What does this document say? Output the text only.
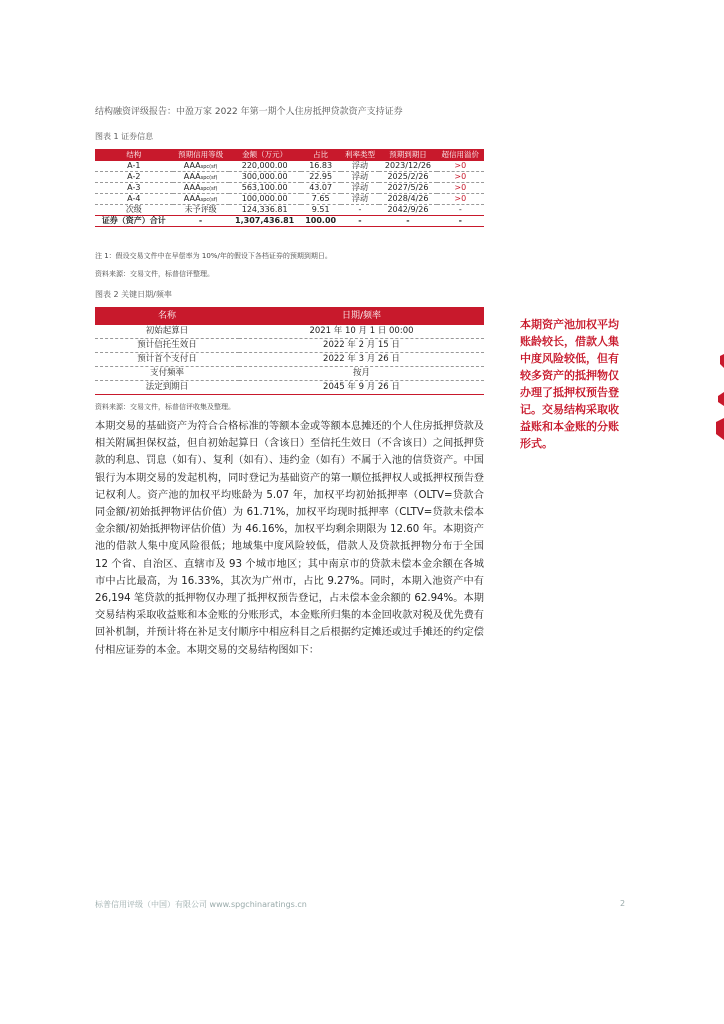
结构融资评级报告：中盈万家 2022 年第一期个人住房抵押贷款资产支持证券
图表 1 证券信息
结构	预期信用等级	金额（万元）	占比	利率类型	预期到期日	超信用溢价
A-1	AAAspc(sf)	220,000.00	16.83	浮动	2023/12/26	>0
A-2	AAAspc(sf)	300,000.00	22.95	浮动	2025/2/26	>0
A-3	AAAspc(sf)	563,100.00	43.07	浮动	2027/5/26	>0
A-4	AAAspc(sf)	100,000.00	7.65	浮动	2028/4/26	>0
次级	未予评级	124,336.81	9.51	-	2042/9/26	-
证券（资产）合计	-	1,307,436.81	100.00	-	-	-
注 1：假设交易文件中在早偿率为 10%/年的假设下各档证券的预期到期日。
资料来源：交易文件，标普信评整理。
图表 2 关键日期/频率
名称	日期/频率
初始起算日	2021 年 10 月 1 日 00:00
预计信托生效日	2022 年 2 月 15 日
预计首个支付日	2022 年 3 月 26 日
支付频率	按月
法定到期日	2045 年 9 月 26 日
资料来源：交易文件，标普信评收集及整理。
本期交易的基础资产为符合合格标准的等额本金或等额本息摊还的个人住房抵押贷款及相关附属担保权益，但自初始起算日（含该日）至信托生效日（不含该日）之间抵押贷款的利息、罚息（如有）、复利（如有）、违约金（如有）不属于入池的信贷资产。中国银行为本期交易的发起机构，同时登记为基础资产的第一顺位抵押权人或抵押权预告登记权利人。资产池的加权平均账龄为 5.07 年，加权平均初始抵押率（OLTV=贷款合同金额/初始抵押物评估价值）为 61.71%，加权平均现时抵押率（CLTV=贷款未偿本金余额/初始抵押物评估价值）为 46.16%，加权平均剩余期限为 12.60 年。本期资产池的借款人集中度风险很低；地域集中度风险较低，借款人及贷款抵押物分布于全国 12 个省、自治区、直辖市及 93 个城市地区；其中南京市的贷款未偿本金余额在各城市中占比最高，为 16.33%，其次为广州市，占比 9.27%。同时，本期入池资产中有 26,194 笔贷款的抵押物仅办理了抵押权预告登记，占未偿本金余额的 62.94%。本期交易结构采取收益账和本金账的分账形式，本金账所归集的本金回收款对税及优先费有回补机制，并预计将在补足支付顺序中相应科目之后根据约定摊还或过手摊还的约定偿付相应证券的本金。本期交易的交易结构图如下：
本期资产池加权平均账龄较长，借款人集中度风险较低，但有较多资产的抵押物仅办理了抵押权预告登记。交易结构采取收益账和本金账的分账形式。
标普信用评级（中国）有限公司 www.spgchinaratings.cn	2
